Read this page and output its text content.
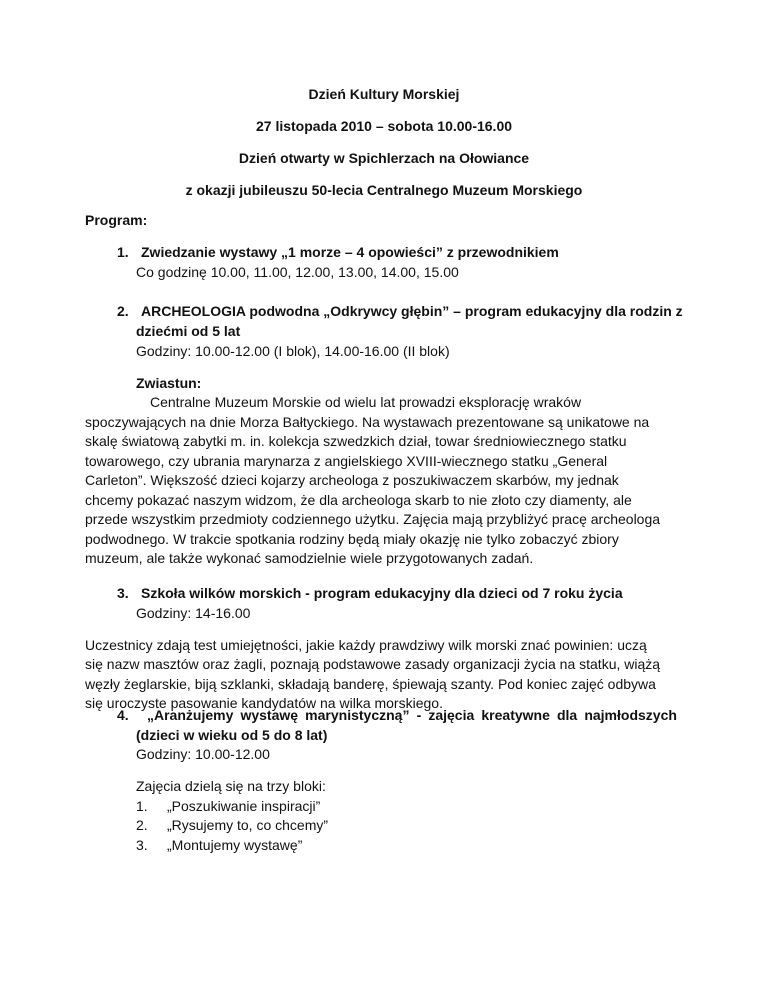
Dzień Kultury Morskiej
27 listopada 2010 – sobota 10.00-16.00
Dzień otwarty w Spichlerzach na Ołowiance
z okazji jubileuszu 50-lecia Centralnego Muzeum Morskiego
Program:
1. Zwiedzanie wystawy „1 morze – 4 opowieści” z przewodnikiem
Co godzinę 10.00, 11.00, 12.00, 13.00, 14.00, 15.00
2. ARCHEOLOGIA podwodna „Odkrywcy głębin” – program edukacyjny dla rodzin z
dziećmi od 5 lat
Godziny: 10.00-12.00 (I blok), 14.00-16.00 (II blok)
Zwiastun:
Centralne Muzeum Morskie od wielu lat prowadzi eksplorację wraków
spoczywających na dnie Morza Bałtyckiego. Na wystawach prezentowane są unikatowe na
skalę światową zabytki m. in. kolekcja szwedzkich dział, towar średniowiecznego statku
towarowego, czy ubrania marynarza z angielskiego XVIII-wiecznego statku „General
Carleton”. Większość dzieci kojarzy archeologa z poszukiwaczem skarbów, my jednak
chcemy pokazać naszym widzom, że dla archeologa skarb to nie złoto czy diamenty, ale
przede wszystkim przedmioty codziennego użytku. Zajęcia mają przybliżyć pracę archeologa
podwodnego. W trakcie spotkania rodziny będą miały okazję nie tylko zobaczyć zbiory
muzeum, ale także wykonać samodzielnie wiele przygotowanych zadań.
3. Szkoła wilków morskich - program edukacyjny dla dzieci od 7 roku życia
Godziny: 14-16.00
Uczestnicy zdają test umiejętności, jakie każdy prawdziwy wilk morski znać powinien: uczą
się nazw masztów oraz żagli, poznają podstawowe zasady organizacji życia na statku, wiążą
węzły żeglarskie, biją szklanki, składają banderę, śpiewają szanty. Pod koniec zajęć odbywa
się uroczyste pasowanie kandydatów na wilka morskiego.
4.	„Aranżujemy wystawę marynistyczną” - zajęcia kreatywne dla najmłodszych
(dzieci w wieku od 5 do 8 lat)
Godziny: 10.00-12.00
Zajęcia dzielą się na trzy bloki:
1. „Poszukiwanie inspiracji”
2. „Rysujemy to, co chcemy”
3. „Montujemy wystawę”
